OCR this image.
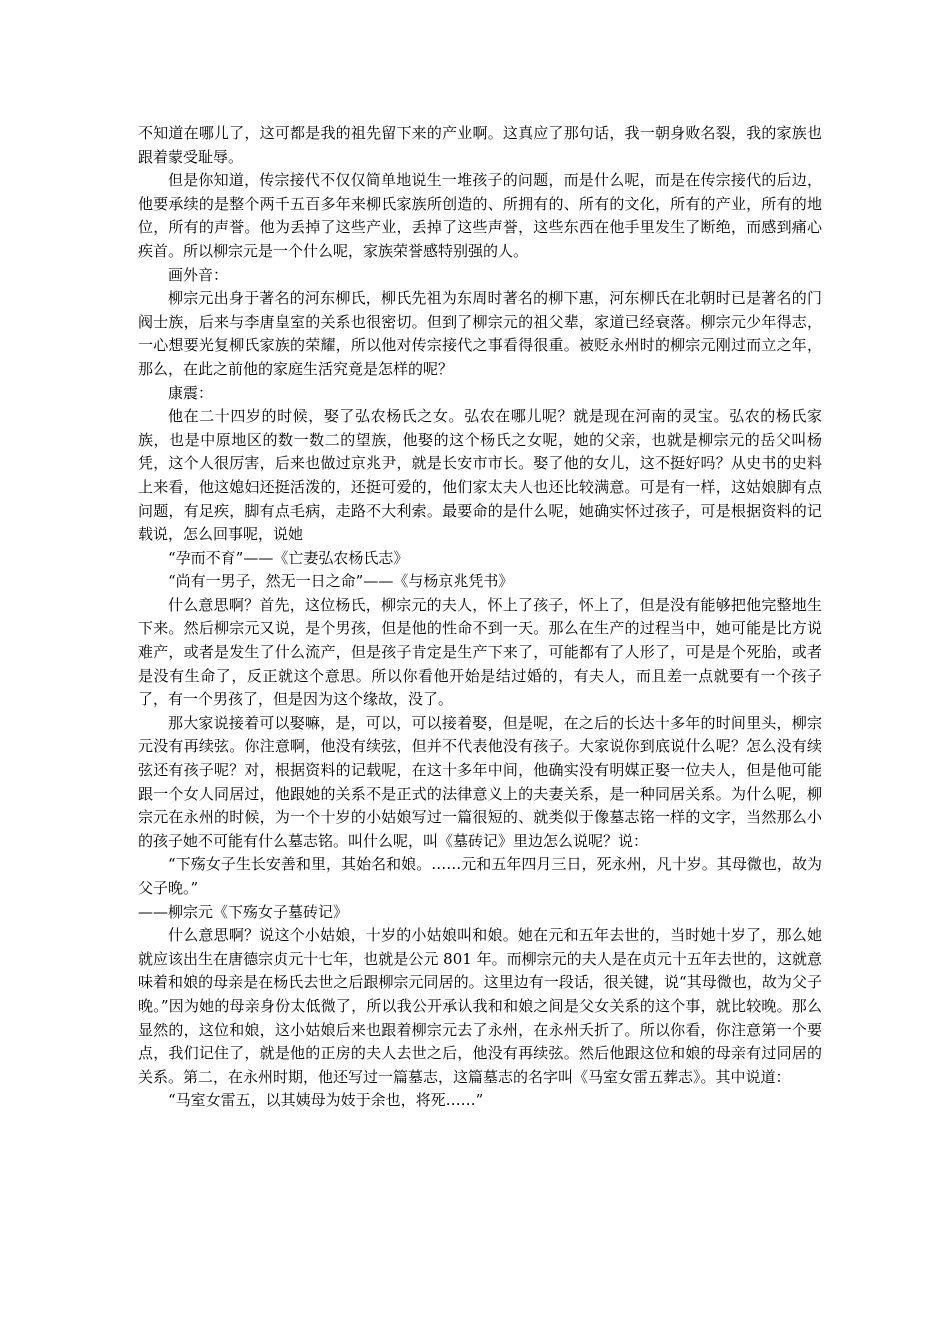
不知道在哪儿了，这可都是我的祖先留下来的产业啊。这真应了那句话，我一朝身败名裂，我的家族也跟着蒙受耻辱。

但是你知道，传宗接代不仅仅简单地说生一堆孩子的问题，而是什么呢，而是在传宗接代的后边，他要承续的是整个两千五百多年来柳氏家族所创造的、所拥有的、所有的文化，所有的产业，所有的地位，所有的声誉。他为丢掉了这些产业，丢掉了这些声誉，这些东西在他手里发生了断绝，而感到痛心疾首。所以柳宗元是一个什么呢，家族荣誉感特别强的人。

画外音：

柳宗元出身于著名的河东柳氏，柳氏先祖为东周时著名的柳下惠，河东柳氏在北朝时已是著名的门阀士族，后来与李唐皇室的关系也很密切。但到了柳宗元的祖父辈，家道已经衰落。柳宗元少年得志，一心想要光复柳氏家族的荣耀，所以他对传宗接代之事看得很重。被贬永州时的柳宗元刚过而立之年，那么，在此之前他的家庭生活究竟是怎样的呢？

康震：

他在二十四岁的时候，娶了弘农杨氏之女。弘农在哪儿呢？就是现在河南的灵宝。弘农的杨氏家族，也是中原地区的数一数二的望族，他娶的这个杨氏之女呢，她的父亲，也就是柳宗元的岳父叫杨凭，这个人很厉害，后来也做过京兆尹，就是长安市市长。娶了他的女儿，这不挺好吗？从史书的史料上来看，他这媳妇还挺活泼的，还挺可爱的，他们家太夫人也还比较满意。可是有一样，这姑娘脚有点问题，有足疾，脚有点毛病，走路不大利索。最要命的是什么呢，她确实怀过孩子，可是根据资料的记载说，怎么回事呢，说她

“孕而不育”——《亡妻弘农杨氏志》

“尚有一男子，然无一日之命”——《与杨京兆凭书》

什么意思啊？首先，这位杨氏，柳宗元的夫人，怀上了孩子，怀上了，但是没有能够把他完整地生下来。然后柳宗元又说，是个男孩，但是他的性命不到一天。那么在生产的过程当中，她可能是比方说难产，或者是发生了什么流产，但是孩子肯定是生产下来了，可能都有了人形了，可是是个死胎，或者是没有生命了，反正就这个意思。所以你看他开始是结过婚的，有夫人，而且差一点就要有一个孩子了，有一个男孩了，但是因为这个缘故，没了。

那大家说接着可以娶嘛，是，可以，可以接着娶，但是呢，在之后的长达十多年的时间里头，柳宗元没有再续弦。你注意啊，他没有续弦，但并不代表他没有孩子。大家说你到底说什么呢？怎么没有续弦还有孩子呢？对，根据资料的记载呢，在这十多年中间，他确实没有明媒正娶一位夫人，但是他可能跟一个女人同居过，他跟她的关系不是正式的法律意义上的夫妻关系，是一种同居关系。为什么呢，柳宗元在永州的时候，为一个十岁的小姑娘写过一篇很短的、就类似于像墓志铭一样的文字，当然那么小的孩子她不可能有什么墓志铭。叫什么呢，叫《墓砖记》里边怎么说呢？说：

“下殇女子生长安善和里，其始名和娘。……元和五年四月三日，死永州，凡十岁。其母微也，故为父子晚。”

——柳宗元《下殇女子墓砖记》

什么意思啊？说这个小姑娘，十岁的小姑娘叫和娘。她在元和五年去世的，当时她十岁了，那么她就应该出生在唐德宗贞元十七年，也就是公元 801 年。而柳宗元的夫人是在贞元十五年去世的，这就意味着和娘的母亲是在杨氏去世之后跟柳宗元同居的。这里边有一段话，很关键，说“其母微也，故为父子晚。”因为她的母亲身份太低微了，所以我公开承认我和和娘之间是父女关系的这个事，就比较晚。那么显然的，这位和娘，这小姑娘后来也跟着柳宗元去了永州，在永州夭折了。所以你看，你注意第一个要点，我们记住了，就是他的正房的夫人去世之后，他没有再续弦。然后他跟这位和娘的母亲有过同居的关系。第二，在永州时期，他还写过一篇墓志，这篇墓志的名字叫《马室女雷五葬志》。其中说道：

“马室女雷五，以其姨母为妓于余也，将死……”
